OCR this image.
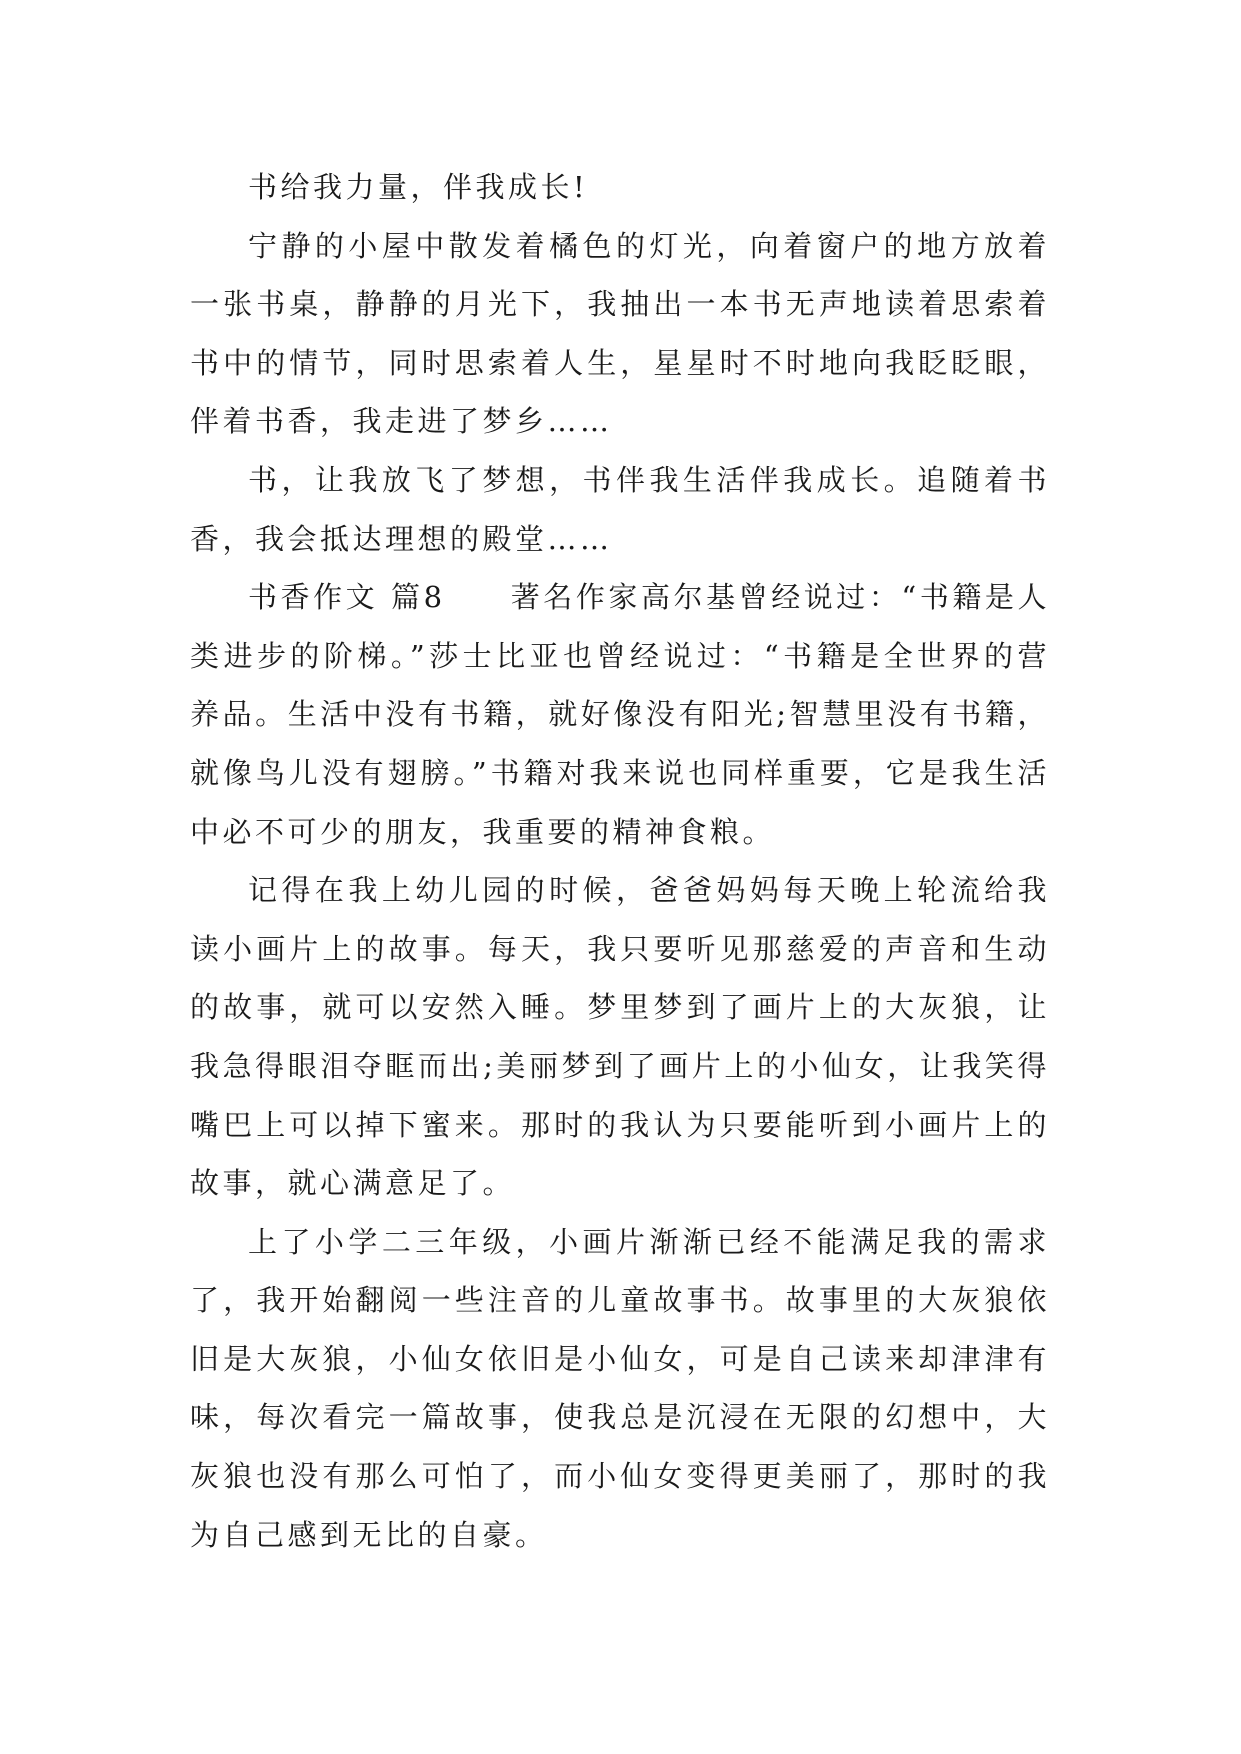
书给我力量，伴我成长!

宁静的小屋中散发着橘色的灯光，向着窗户的地方放着一张书桌，静静的月光下，我抽出一本书无声地读着思索着书中的情节，同时思索着人生，星星时不时地向我眨眨眼，伴着书香，我走进了梦乡……

书，让我放飞了梦想，书伴我生活伴我成长。追随着书香，我会抵达理想的殿堂……

书香作文 篇8　　著名作家高尔基曾经说过：“书籍是人类进步的阶梯。”莎士比亚也曾经说过：“书籍是全世界的营养品。生活中没有书籍，就好像没有阳光;智慧里没有书籍，就像鸟儿没有翅膀。”书籍对我来说也同样重要，它是我生活中必不可少的朋友，我重要的精神食粮。

记得在我上幼儿园的时候，爸爸妈妈每天晚上轮流给我读小画片上的故事。每天，我只要听见那慈爱的声音和生动的故事，就可以安然入睡。梦里梦到了画片上的大灰狼，让我急得眼泪夺眶而出;美丽梦到了画片上的小仙女，让我笑得嘴巴上可以掉下蜜来。那时的我认为只要能听到小画片上的故事，就心满意足了。

上了小学二三年级，小画片渐渐已经不能满足我的需求了，我开始翻阅一些注音的儿童故事书。故事里的大灰狼依旧是大灰狼，小仙女依旧是小仙女，可是自己读来却津津有味，每次看完一篇故事，使我总是沉浸在无限的幻想中，大灰狼也没有那么可怕了，而小仙女变得更美丽了，那时的我为自己感到无比的自豪。
